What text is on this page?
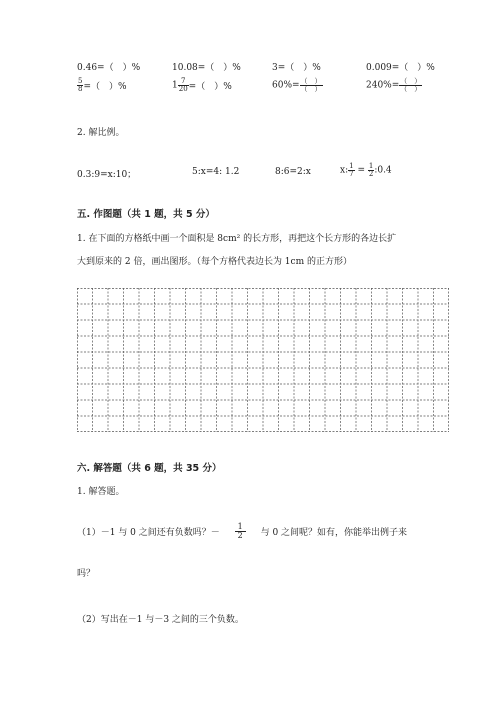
0.46=（　）%	10.08=（　）%	3=（　）%	0.009=（　）%
$\frac{5}{8}$ =（　）%	$1 \frac{7}{20}$ =（　）%	$60\%= \frac{( )}{( )}$	$240\%= \frac{( )}{( )}$
2. 解比例。
0.3:9=x:10；	5:x=4: 1.2	8:6=2:x	x: $\frac{1}{7} = \frac{1}{2}$ :0.4
五. 作图题（共 1 题，共 5 分）
1. 在下面的方格纸中画一个面积是 8cm² 的长方形，再把这个长方形的各边长扩
大到原来的 2 倍，画出图形。（每个方格代表边长为 1cm 的正方形）
六. 解答题（共 6 题，共 35 分）
1. 解答题。
（1）－1 与 0 之间还有负数吗？－ $\frac{1}{2}$ 与 0 之间呢？如有，你能举出例子来
吗？
（2）写出在－1 与－3 之间的三个负数。
